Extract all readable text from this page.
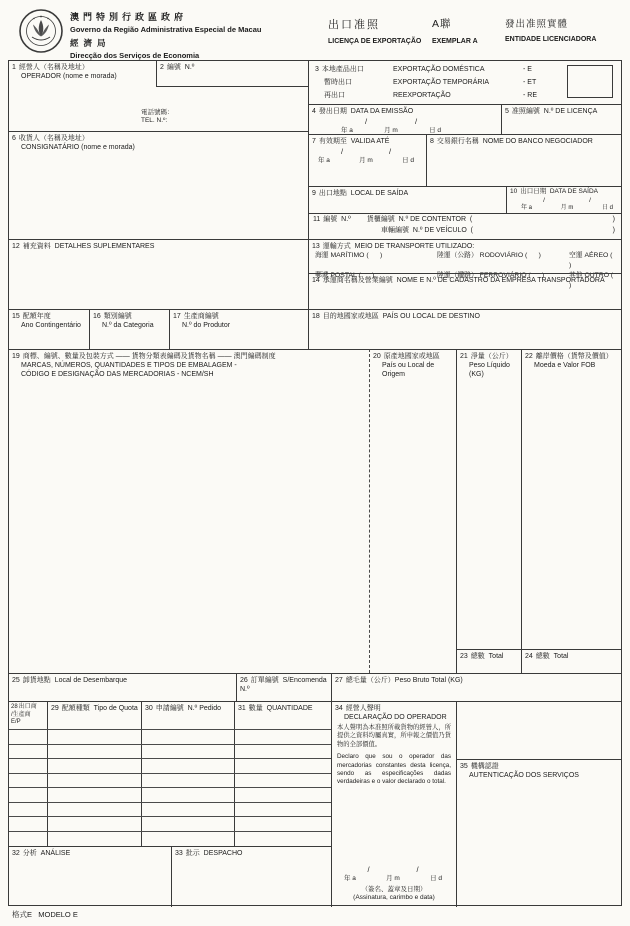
澳門特別行政區政府
Governo da Região Administrativa Especial de Macau
經濟局
Direcção dos Serviços de Economia
出口准照
LICENÇA DE EXPORTAÇÃO
A聯
EXEMPLAR A
發出准照實體
ENTIDADE LICENCIADORA
1 經營人（名稱及地址）
OPERADOR (nome e morada)
電話號碼：
TEL. N.º:
2 編號  N.º	3 本地產品出口	EXPORTAÇÃO DOMÉSTICA	- E
暫時出口	EXPORTAÇÃO TEMPORÁRIA	- ET
再出口	REEXPORTAÇÃO	- RE
4 發出日期  DATA DA EMISSÃO
/	/
年 a	月 m	日 d
5 准照編號  N.º DE LICENÇA
6 收貨人（名稱及地址）
CONSIGNATÁRIO (nome e morada)
7 有效期至  VALIDA ATÉ
/	/
年 a	月 m	日 d
8 交易銀行名稱  NOME DO BANCO NEGOCIADOR
9 出口地點  LOCAL DE SAÍDA	10 出口日期  DATA DE SAÍDA
/	/
年 a	月 m	日 d
11 編號  N.º 貨櫃編號  N.º DE CONTENTOR  (	)
車輛編號  N.º DE VEÍCULO  (	)
12 補充資料  DETALHES SUPLEMENTARES	13 運輸方式  MEIO DE TRANSPORTE UTILIZADO:
海運 MARÍTIMO (      )	陸運（公路） RODOVIÁRIO (      )	空運 AÉREO (      )
郵遞 POSTAL (      )	陸運（鐵路） FERROVIÁRIO (      )	其他 OUTRO (      )
14 承運商名稱及營業編號  NOME E N.º DE CADASTRO DA EMPRESA TRANSPORTADORA
15 配額年度
Ano Contingentário
16 類別編號
N.º da Categoria
17 生產商編號
N.º do Produtor
18 目的地國家或地區  PAÍS OU LOCAL DE DESTINO
19 商標、編號、數量及包裝方式 —— 貨物分類表編碼及貨物名稱 —— 澳門編碼制度
MARCAS, NÚMEROS, QUANTIDADES E TIPOS DE EMBALAGEM -
CÓDIGO E DESIGNAÇÃO DAS MERCADORIAS - NCEM/SH
20 原產地國家或地區
País ou Local de
Origem
21 淨量（公斤）
Peso Líquido (KG)
22 離岸價格（貨幣及價值）
Moeda e Valor FOB
23 總數  Total	24 總數  Total
25 卸貨地點  Local de Desembarque	26 訂單編號  S/Encomenda N.º
27 總毛量（公斤）Peso Bruto Total (KG)
28出口商
/生產商
E/P
29 配額種類  Tipo de Quota	30 申請編號  N.º Pedido	31 數量  QUANTIDADE
32 分析  ANÁLISE	33 批示  DESPACHO
34 經營人聲明
DECLARAÇÃO DO OPERADOR
本人聲明為本准照所載貨物的經營人，所提供之資料均屬真實，所申報之價值乃貨物的全部價值。
Declaro que sou o operador das mercadorias constantes desta licença, sendo as especificações dadas verdadeiras e o valor declarado o total.
/	/
年 a	月 m	日 d
（簽名、蓋章及日期）
(Assinatura, carimbo e data)
35 機構認證
AUTENTICAÇÃO DOS SERVIÇOS
格式E   MODELO E
